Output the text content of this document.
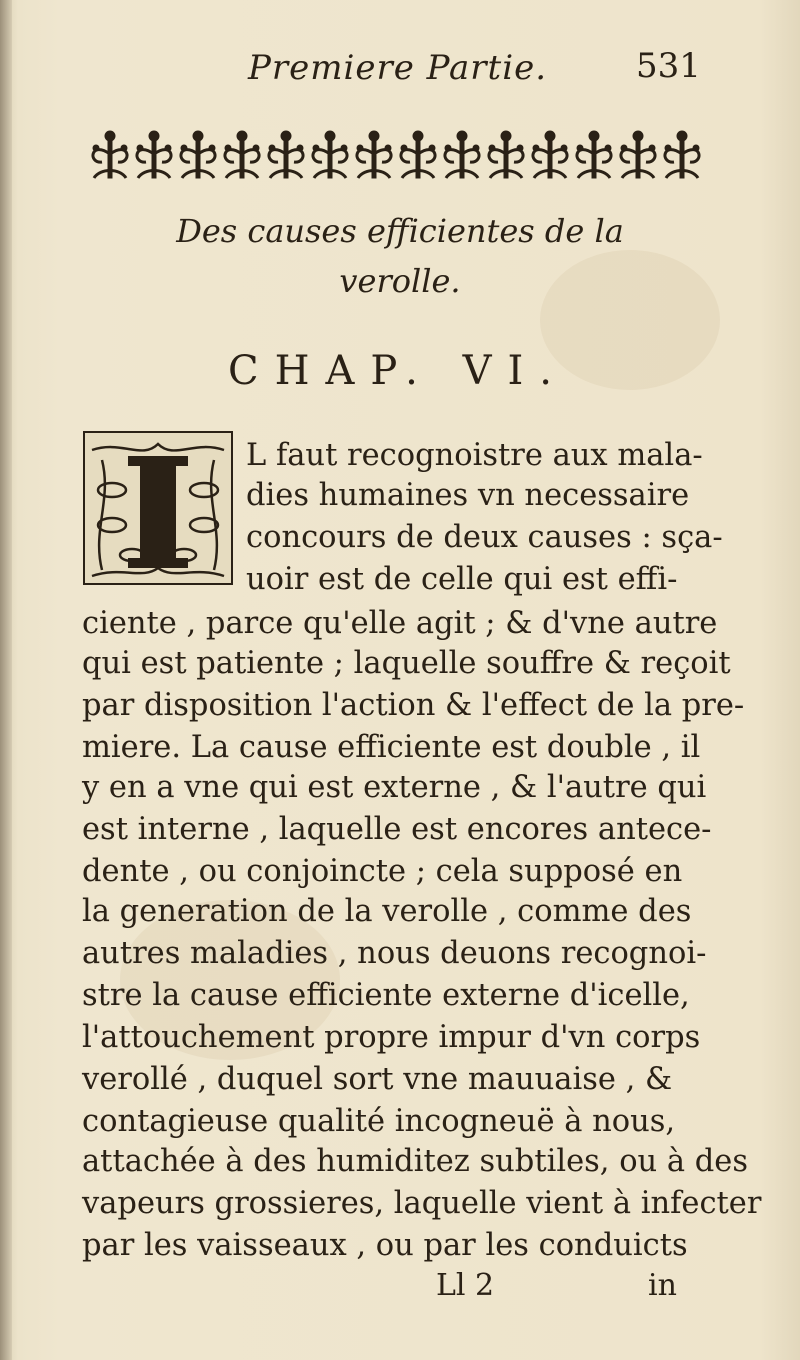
Premiere Partie.	531
Des causes efficientes de la
verolle.
CHAP. VI.
L faut recognoistre aux mala-
dies humaines vn necessaire
concours de deux causes : sça-
uoir est de celle qui est effi-
ciente , parce qu'elle agit ; & d'vne autre
qui est patiente ; laquelle souffre & reçoit
par disposition l'action & l'effect de la pre-
miere. La cause efficiente est double , il
y en a vne qui est externe , & l'autre qui
est interne , laquelle est encores antece-
dente , ou conjoincte ; cela supposé en
la generation de la verolle , comme des
autres maladies , nous deuons recognoi-
stre la cause efficiente externe d'icelle,
l'attouchement propre impur d'vn corps
verollé , duquel sort vne mauuaise , &
contagieuse qualité incogneuë à nous,
attachée à des humiditez subtiles, ou à des
vapeurs grossieres, laquelle vient à infecter
par les vaisseaux , ou par les conduicts
Ll 2	in
